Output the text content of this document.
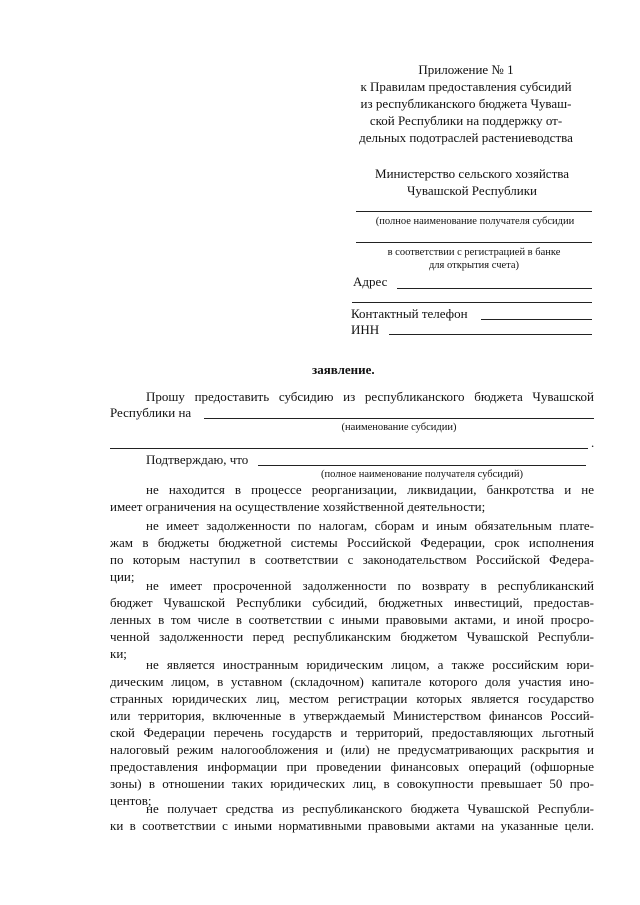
Приложение № 1
к Правилам предоставления субсидий
из республиканского бюджета Чуваш-
ской Республики на поддержку от-
дельных подотраслей растениеводства
Министерство сельского хозяйства
Чувашской Республики
(полное наименование получателя субсидии
в соответствии с регистрацией в банке
для открытия счета)
Адрес
Контактный телефон
ИНН
заявление.
Прошу предоставить субсидию из республиканского бюджета Чувашской
Республики на
(наименование субсидии)
.
Подтверждаю, что
(полное наименование получателя субсидий)
не находится в процессе реорганизации, ликвидации, банкротства и не
имеет ограничения на осуществление хозяйственной деятельности;
не имеет задолженности по налогам, сборам и иным обязательным плате-
жам в бюджеты бюджетной системы Российской Федерации, срок исполнения
по которым наступил в соответствии с законодательством Российской Федера-
ции;
не имеет просроченной задолженности по возврату в республиканский
бюджет Чувашской Республики субсидий, бюджетных инвестиций, предостав-
ленных в том числе в соответствии с иными правовыми актами, и иной просро-
ченной задолженности перед республиканским бюджетом Чувашской Республи-
ки;
не является иностранным юридическим лицом, а также российским юри-
дическим лицом, в уставном (складочном) капитале которого доля участия ино-
странных юридических лиц, местом регистрации которых является государство
или территория, включенные в утверждаемый Министерством финансов Россий-
ской Федерации перечень государств и территорий, предоставляющих льготный
налоговый режим налогообложения и (или) не предусматривающих раскрытия и
предоставления информации при проведении финансовых операций (офшорные
зоны) в отношении таких юридических лиц, в совокупности превышает 50 про-
центов;
не получает средства из республиканского бюджета Чувашской Республи-
ки в соответствии с иными нормативными правовыми актами на указанные цели.
